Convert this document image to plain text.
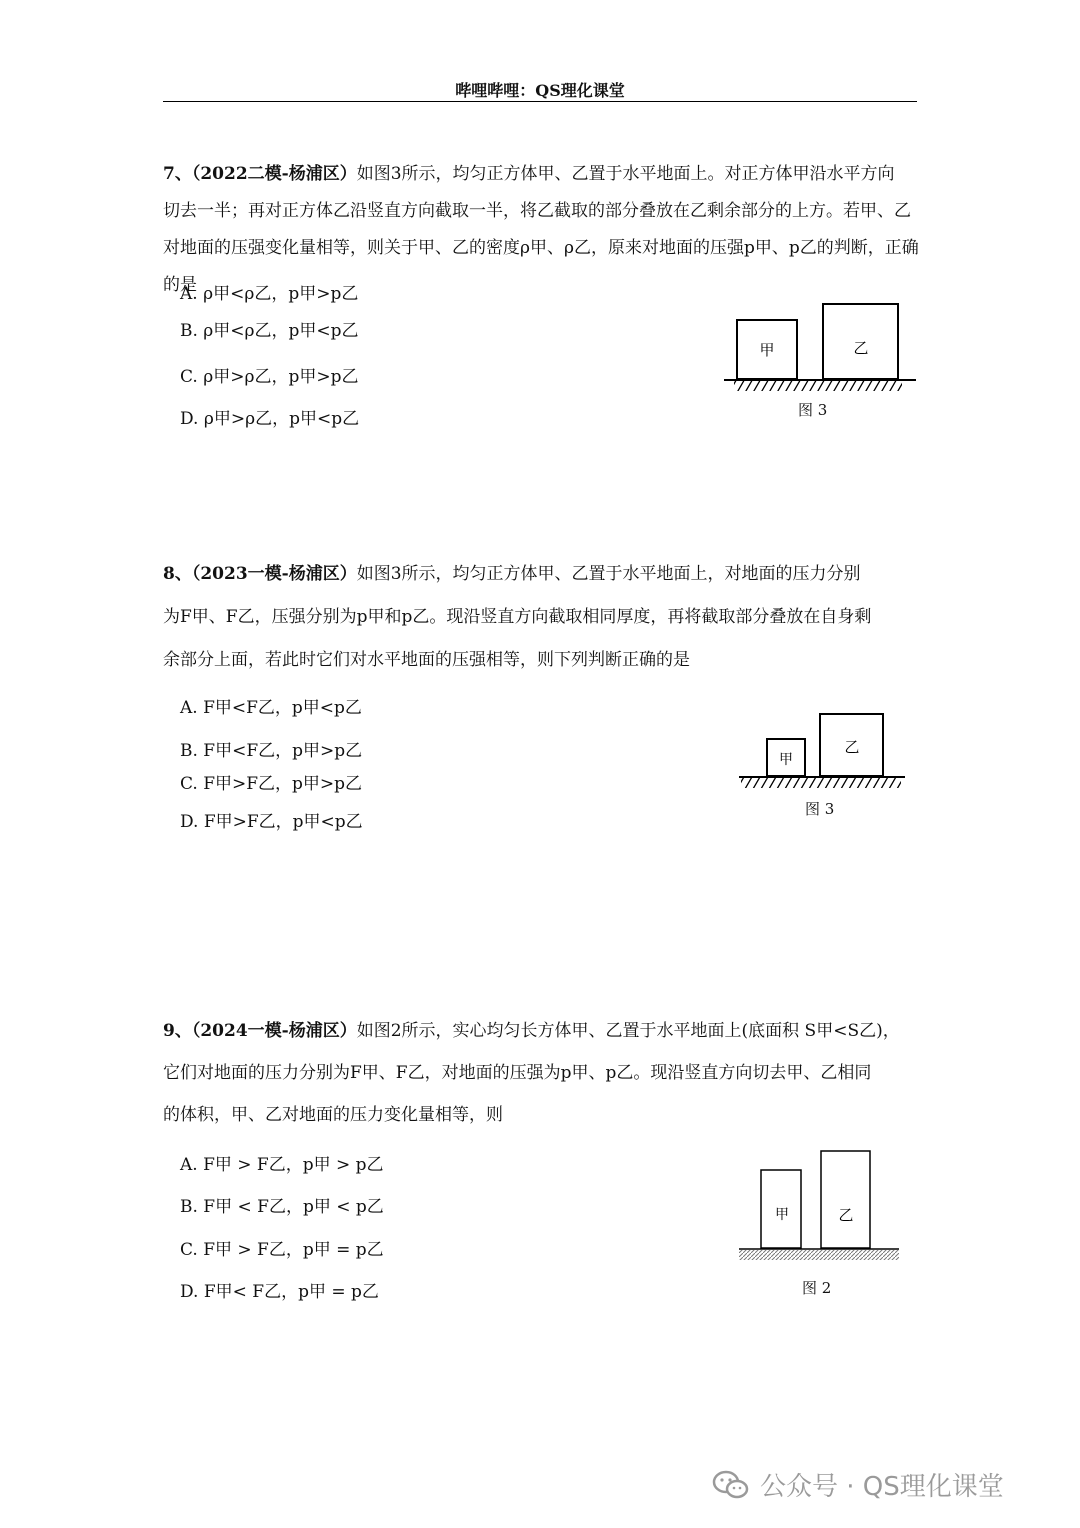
哔哩哔哩：QS理化课堂
7、（2022二模-杨浦区）如图3所示，均匀正方体甲、乙置于水平地面上。对正方体甲沿水平方向
切去一半；再对正方体乙沿竖直方向截取一半，将乙截取的部分叠放在乙剩余部分的上方。若甲、乙
对地面的压强变化量相等，则关于甲、乙的密度ρ甲、ρ乙，原来对地面的压强p甲、p乙的判断，正确的是
A. ρ甲<ρ乙，p甲>p乙
B. ρ甲<ρ乙，p甲<p乙
C. ρ甲>ρ乙，p甲>p乙
D. ρ甲>ρ乙，p甲<p乙
甲	乙
图 3
8、（2023一模-杨浦区）如图3所示，均匀正方体甲、乙置于水平地面上，对地面的压力分别
为F甲、F乙，压强分别为p甲和p乙。现沿竖直方向截取相同厚度，再将截取部分叠放在自身剩
余部分上面，若此时它们对水平地面的压强相等，则下列判断正确的是
A. F甲<F乙，p甲<p乙
B. F甲<F乙，p甲>p乙
C. F甲>F乙，p甲>p乙
D. F甲>F乙，p甲<p乙
甲
乙
图 3
9、（2024一模-杨浦区）如图2所示，实心均匀长方体甲、乙置于水平地面上(底面积 S甲<S乙)，
它们对地面的压力分别为F甲、F乙，对地面的压强为p甲、p乙。现沿竖直方向切去甲、乙相同
的体积，甲、乙对地面的压力变化量相等，则
A. F甲 > F乙，p甲 > p乙
B. F甲 < F乙，p甲 < p乙
C. F甲 > F乙，p甲 = p乙
D. F甲< F乙，p甲 = p乙
甲	乙
图 2
公众号 · QS理化课堂
